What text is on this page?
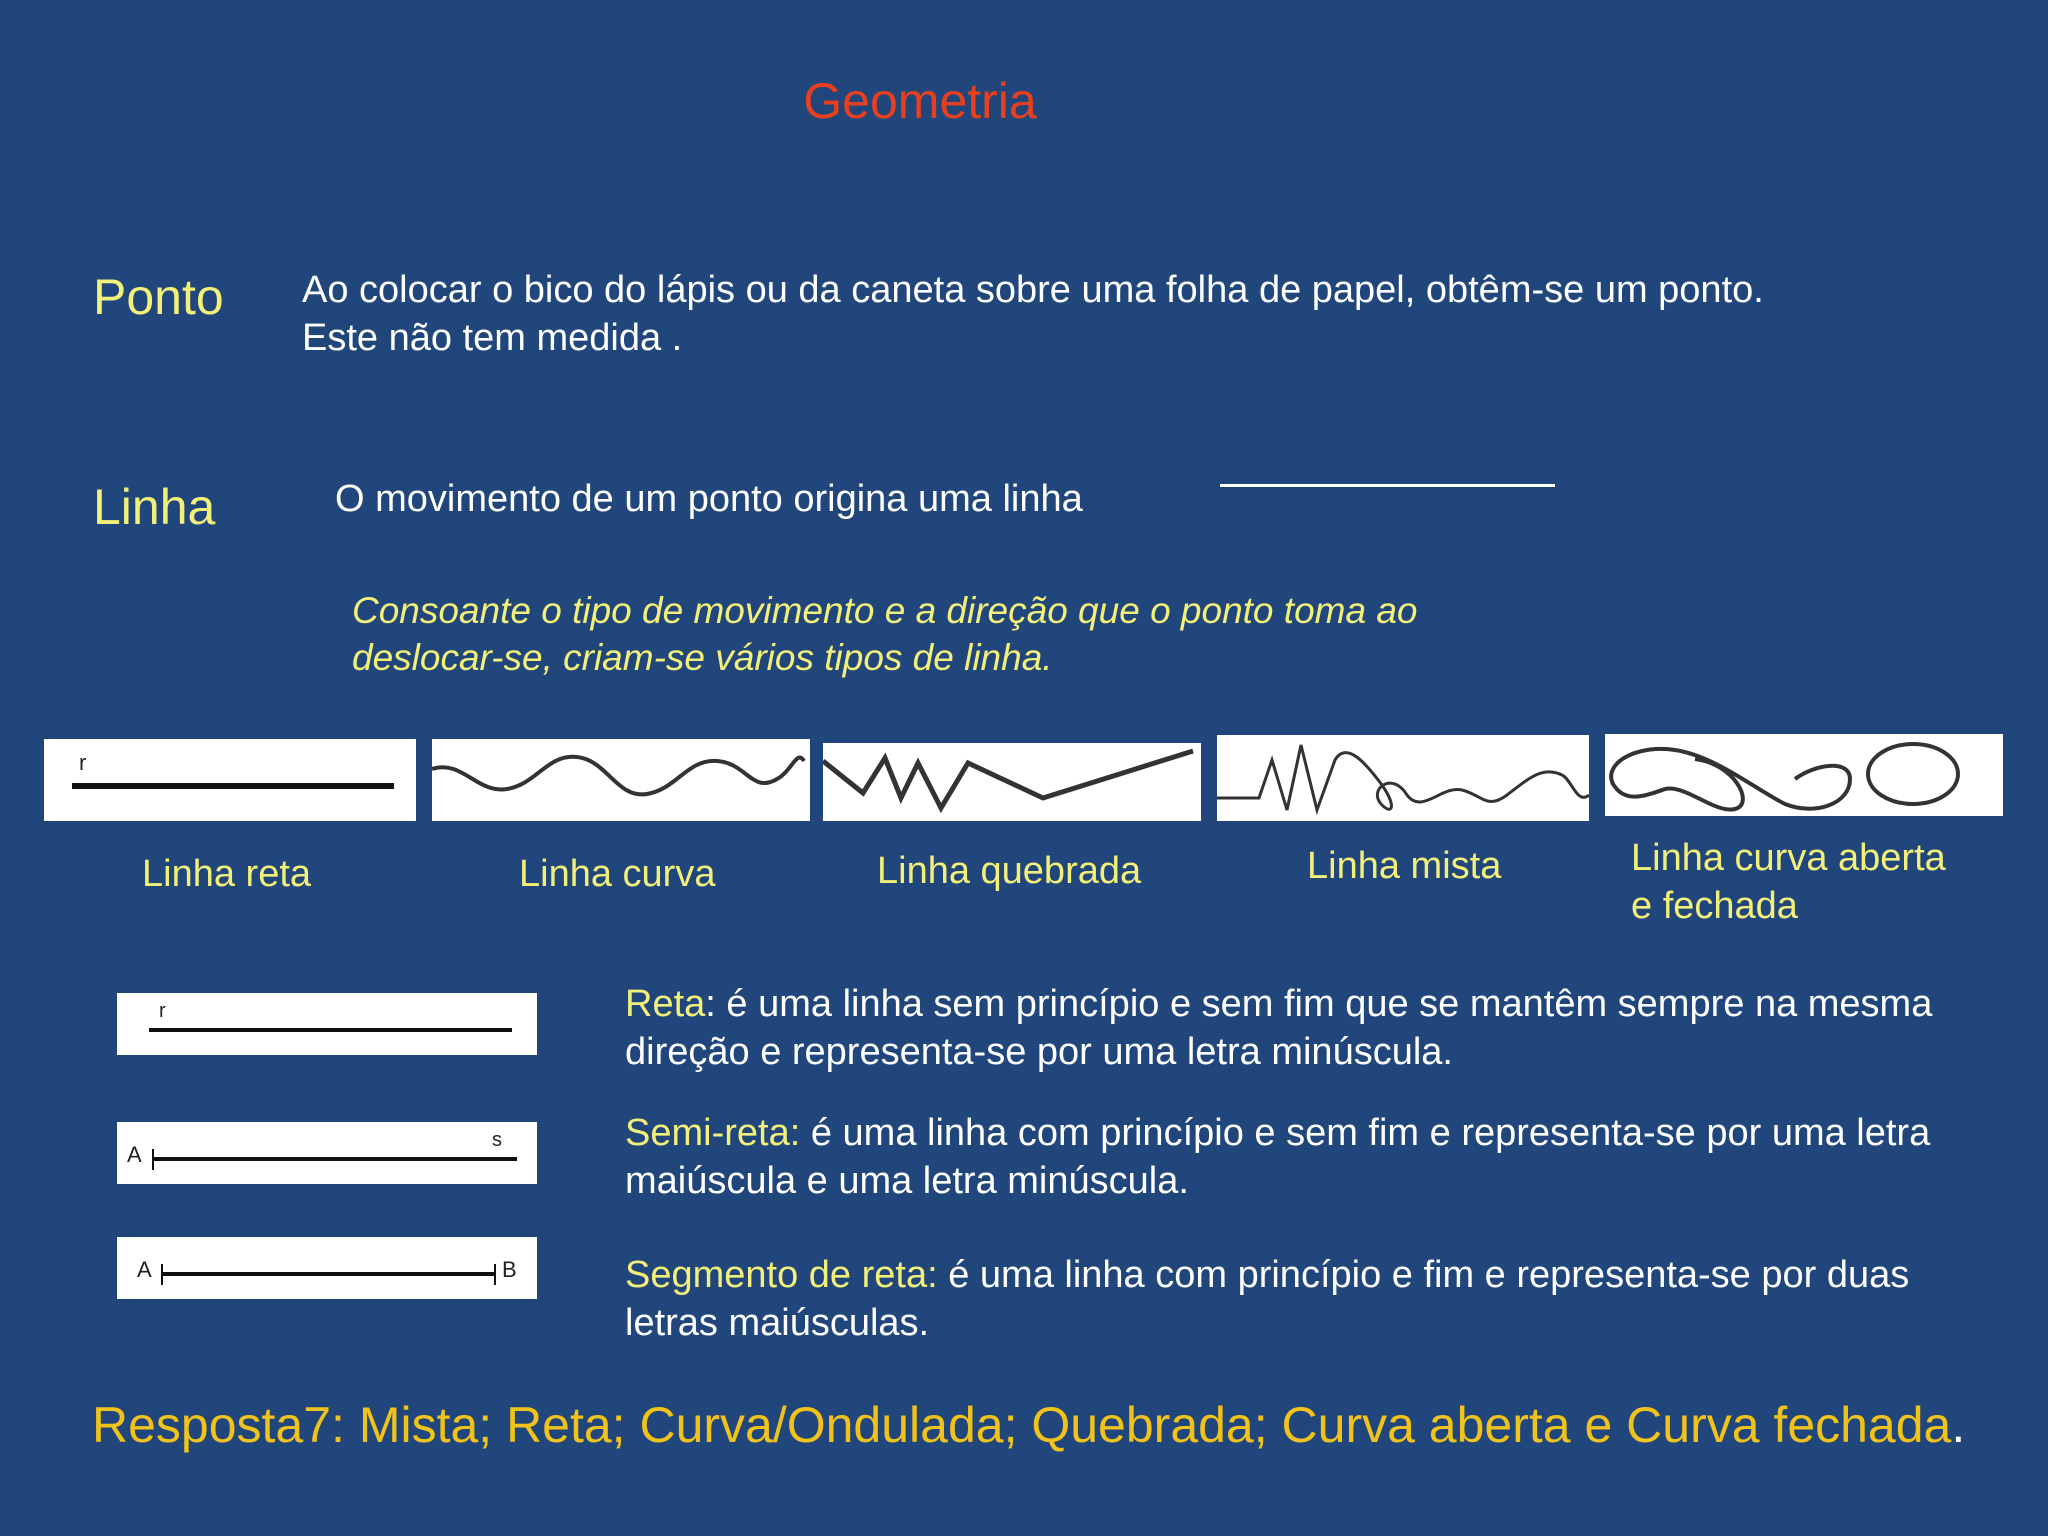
Geometria
Ponto Ao colocar o bico do lápis ou da caneta sobre uma folha de papel, obtêm-se um ponto.
Este não tem medida .
Linha	O movimento de um ponto origina uma linha
Consoante o tipo de movimento e a direção que o ponto toma ao
deslocar-se, criam-se vários tipos de linha.
r
Linha reta	Linha curva	Linha quebrada	Linha mista	Linha curva aberta
e fechada
r
A
s
A	B
Reta: é uma linha sem princípio e sem fim que se mantêm sempre na mesma direção e representa-se por uma letra minúscula.
Semi-reta: é uma linha com princípio e sem fim e representa-se por uma letra maiúscula e uma letra minúscula.
Segmento de reta: é uma linha com princípio e fim e representa-se por duas letras maiúsculas.
Resposta7: Mista; Reta; Curva/Ondulada; Quebrada; Curva aberta e Curva fechada.
